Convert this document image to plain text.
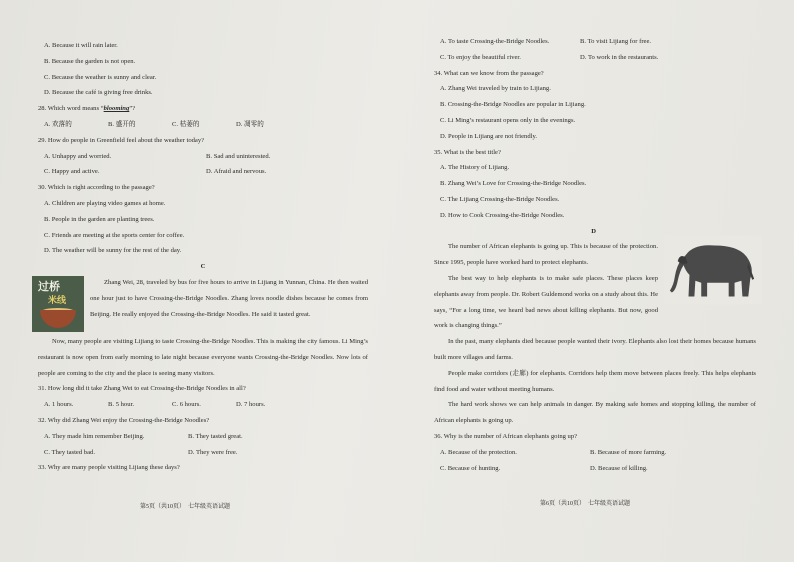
A. Because it will rain later.
B. Because the garden is not open.
C. Because the weather is sunny and clear.
D. Because the café is giving free drinks.
28. Which word means “blooming”?
A. 欢落的	B. 盛开的	C. 枯萎的	D. 凋零的
29. How do people in Greenfield feel about the weather today?
A. Unhappy and worried.	B. Sad and uninterested.
C. Happy and active.	D. Afraid and nervous.
30. Which is right according to the passage?
A. Children are playing video games at home.
B. People in the garden are planting trees.
C. Friends are meeting at the sports center for coffee.
D. The weather will be sunny for the rest of the day.
C
过桥
米线
Zhang Wei, 28, traveled by bus for five hours to arrive in Lijiang in Yunnan, China. He then waited one hour just to have Crossing-the-Bridge Noodles. Zhang loves noodle dishes because he comes from Beijing. He really enjoyed the Crossing-the-Bridge Noodles. He said it tasted great.
Now, many people are visiting Lijiang to taste Crossing-the-Bridge Noodles. This is making the city famous. Li Ming’s restaurant is now open from early morning to late night because everyone wants Crossing-the-Bridge Noodles. Now lots of people are coming to the city and the place is seeing many visitors.
31. How long did it take Zhang Wei to eat Crossing-the-Bridge Noodles in all?
A. 1 hours.	B. 5 hour.	C. 6 hours.	D. 7 hours.
32. Why did Zhang Wei enjoy the Crossing-the-Bridge Noodles?
A. They made him remember Beijing.	B. They tasted great.
C. They tasted bad.	D. They were free.
33. Why are many people visiting Lijiang these days?
第5页（共10页）　七年级英语试题
A. To taste Crossing-the-Bridge Noodles.	B. To visit Lijiang for free.
C. To enjoy the beautiful river.	D. To work in the restaurants.
34. What can we know from the passage?
A. Zhang Wei traveled by train to Lijiang.
B. Crossing-the-Bridge Noodles are popular in Lijiang.
C. Li Ming’s restaurant opens only in the evenings.
D. People in Lijiang are not friendly.
35. What is the best title?
A. The History of Lijiang.
B. Zhang Wei’s Love for Crossing-the-Bridge Noodles.
C. The Lijiang Crossing-the-Bridge Noodles.
D. How to Cook Crossing-the-Bridge Noodles.
D
The number of African elephants is going up. This is because of the protection. Since 1995, people have worked hard to protect elephants.
The best way to help elephants is to make safe places. These places keep elephants away from people. Dr. Robert Guldemond works on a study about this. He says, “For a long time, we heard bad news about killing elephants. But now, good work is changing things.”
In the past, many elephants died because people wanted their ivory. Elephants also lost their homes because humans built more villages and farms.
People make corridors (走廊) for elephants. Corridors help them move between places freely. This helps elephants find food and water without meeting humans.
The hard work shows we can help animals in danger. By making safe homes and stopping killing, the number of African elephants is going up.
36. Why is the number of African elephants going up?
A. Because of the protection.	B. Because of more farming.
C. Because of hunting.	D. Because of killing.
第6页（共10页）　七年级英语试题
